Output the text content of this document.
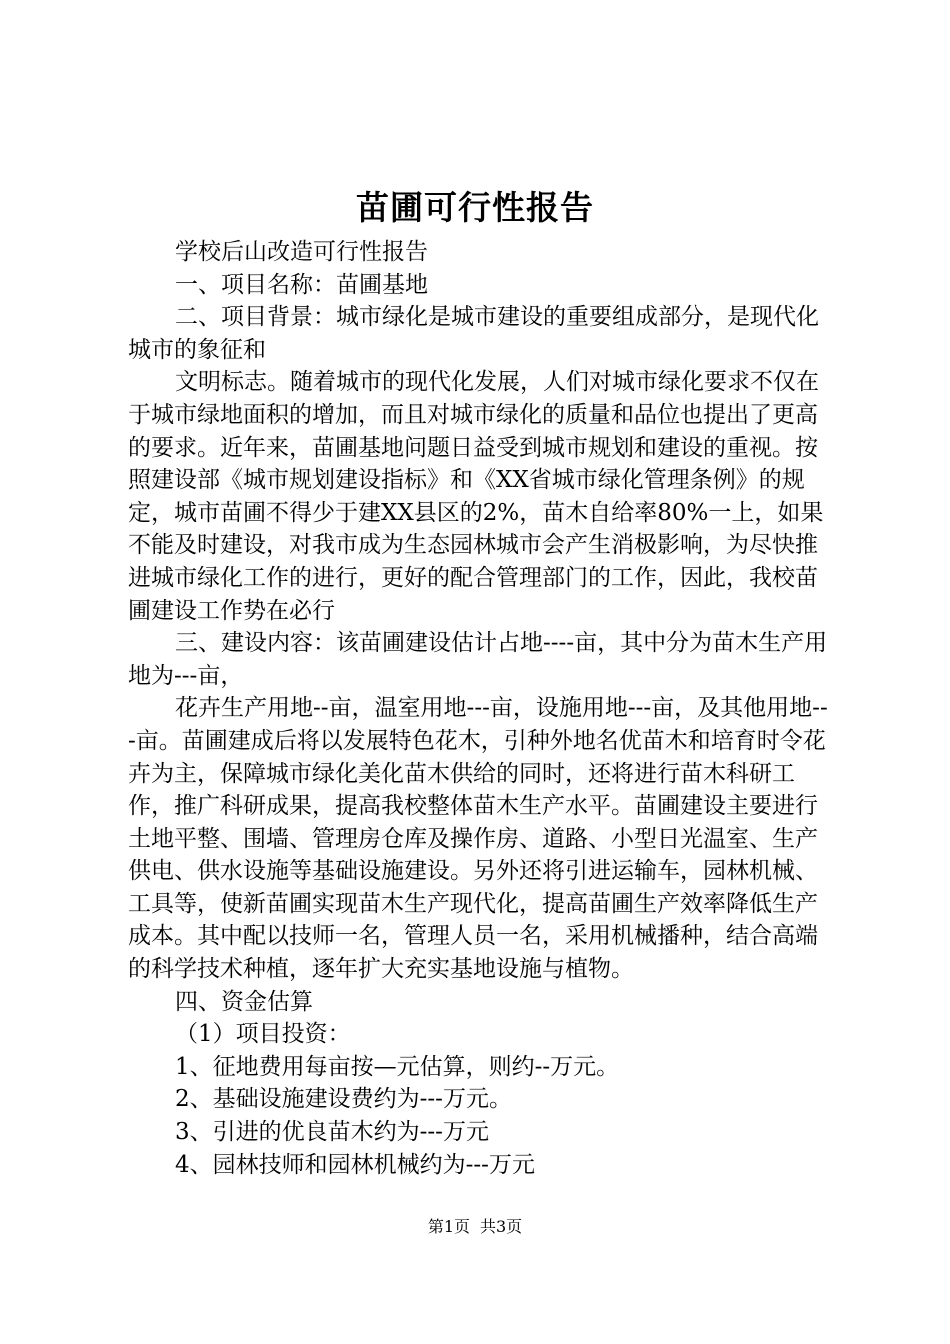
苗圃可行性报告

学校后山改造可行性报告

一、项目名称：苗圃基地

二、项目背景：城市绿化是城市建设的重要组成部分，是现代化城市的象征和

文明标志。随着城市的现代化发展，人们对城市绿化要求不仅在于城市绿地面积的增加，而且对城市绿化的质量和品位也提出了更高的要求。近年来，苗圃基地问题日益受到城市规划和建设的重视。按照建设部《城市规划建设指标》和《XX省城市绿化管理条例》的规定，城市苗圃不得少于建XX县区的2%，苗木自给率80%一上，如果不能及时建设，对我市成为生态园林城市会产生消极影响，为尽快推进城市绿化工作的进行，更好的配合管理部门的工作，因此，我校苗圃建设工作势在必行

三、建设内容：该苗圃建设估计占地----亩，其中分为苗木生产用地为---亩，

花卉生产用地--亩，温室用地---亩，设施用地---亩，及其他用地---亩。苗圃建成后将以发展特色花木，引种外地名优苗木和培育时令花卉为主，保障城市绿化美化苗木供给的同时，还将进行苗木科研工作，推广科研成果，提高我校整体苗木生产水平。苗圃建设主要进行土地平整、围墙、管理房仓库及操作房、道路、小型日光温室、生产供电、供水设施等基础设施建设。另外还将引进运输车，园林机械、工具等，使新苗圃实现苗木生产现代化，提高苗圃生产效率降低生产成本。其中配以技师一名，管理人员一名，采用机械播种，结合高端的科学技术种植，逐年扩大充实基地设施与植物。

四、资金估算

（1）项目投资：

1、征地费用每亩按—元估算，则约--万元。

2、基础设施建设费约为---万元。

3、引进的优良苗木约为---万元

4、园林技师和园林机械约为---万元

第1页 共3页
